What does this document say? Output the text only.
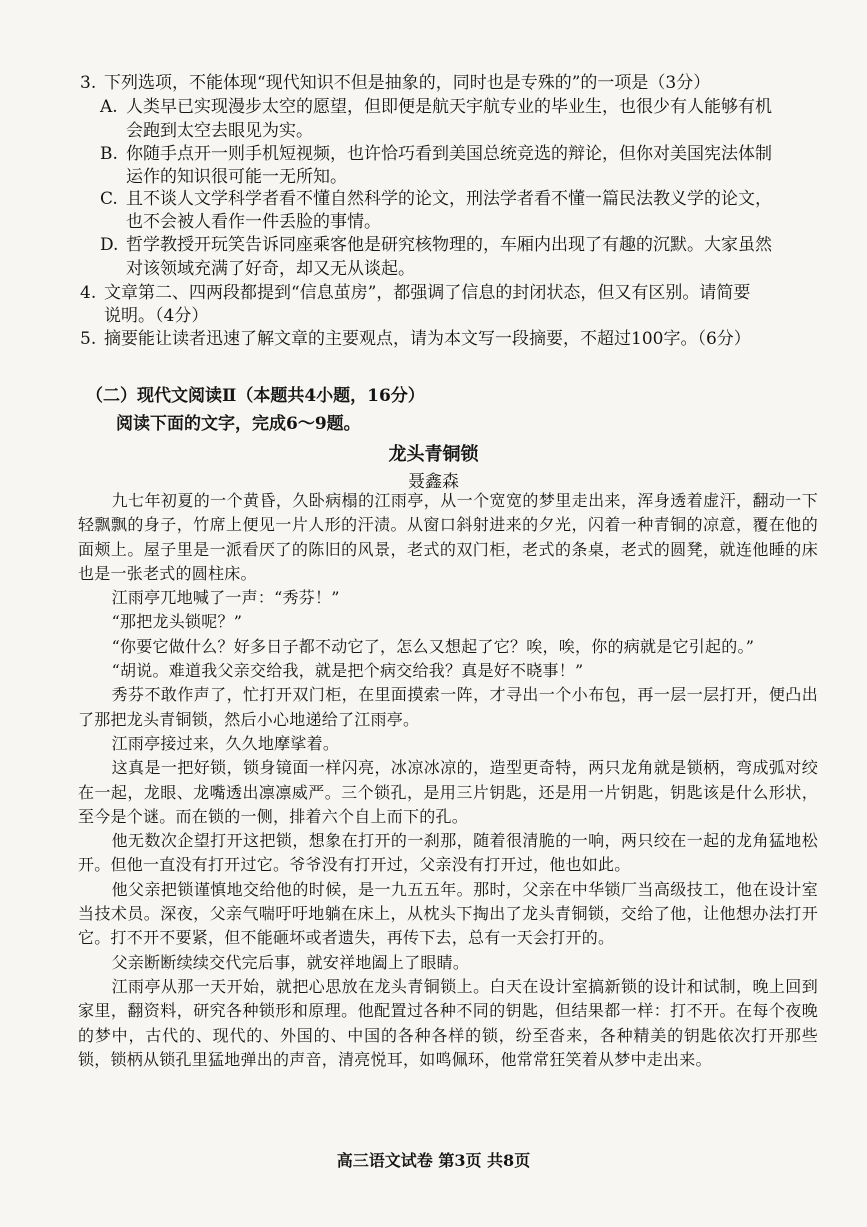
3. 下列选项，不能体现“现代知识不但是抽象的，同时也是专殊的”的一项是（3分）
A. 人类早已实现漫步太空的愿望，但即便是航天宇航专业的毕业生，也很少有人能够有机
会跑到太空去眼见为实。
B. 你随手点开一则手机短视频，也许恰巧看到美国总统竞选的辩论，但你对美国宪法体制
运作的知识很可能一无所知。
C. 且不谈人文学科学者看不懂自然科学的论文，刑法学者看不懂一篇民法教义学的论文，
也不会被人看作一件丢脸的事情。
D. 哲学教授开玩笑告诉同座乘客他是研究核物理的，车厢内出现了有趣的沉默。大家虽然
对该领域充满了好奇，却又无从谈起。
4. 文章第二、四两段都提到“信息茧房”，都强调了信息的封闭状态，但又有区别。请简要
说明。（4分）
5. 摘要能让读者迅速了解文章的主要观点，请为本文写一段摘要，不超过100字。（6分）
（二）现代文阅读Ⅱ（本题共4小题，16分）
阅读下面的文字，完成6～9题。
龙头青铜锁
聂鑫森

九七年初夏的一个黄昏，久卧病榻的江雨亭，从一个宽宽的梦里走出来，浑身透着虚汗，翻动一下轻飘飘的身子，竹席上便见一片人形的汗渍。从窗口斜射进来的夕光，闪着一种青铜的凉意，覆在他的面颊上。屋子里是一派看厌了的陈旧的风景，老式的双门柜，老式的条桌，老式的圆凳，就连他睡的床也是一张老式的圆柱床。

江雨亭兀地喊了一声：“秀芬！”

“那把龙头锁呢？”

“你要它做什么？好多日子都不动它了，怎么又想起了它？唉，唉，你的病就是它引起的。”

“胡说。难道我父亲交给我，就是把个病交给我？真是好不晓事！”

秀芬不敢作声了，忙打开双门柜，在里面摸索一阵，才寻出一个小布包，再一层一层打开，便凸出了那把龙头青铜锁，然后小心地递给了江雨亭。

江雨亭接过来，久久地摩挲着。

这真是一把好锁，锁身镜面一样闪亮，冰凉冰凉的，造型更奇特，两只龙角就是锁柄，弯成弧对绞在一起，龙眼、龙嘴透出凛凛威严。三个锁孔，是用三片钥匙，还是用一片钥匙，钥匙该是什么形状，至今是个谜。而在锁的一侧，排着六个自上而下的孔。

他无数次企望打开这把锁，想象在打开的一刹那，随着很清脆的一响，两只绞在一起的龙角猛地松开。但他一直没有打开过它。爷爷没有打开过，父亲没有打开过，他也如此。

他父亲把锁谨慎地交给他的时候，是一九五五年。那时，父亲在中华锁厂当高级技工，他在设计室当技术员。深夜，父亲气喘吁吁地躺在床上，从枕头下掏出了龙头青铜锁，交给了他，让他想办法打开它。打不开不要紧，但不能砸坏或者遗失，再传下去，总有一天会打开的。

父亲断断续续交代完后事，就安祥地阖上了眼睛。

江雨亭从那一天开始，就把心思放在龙头青铜锁上。白天在设计室搞新锁的设计和试制，晚上回到家里，翻资料，研究各种锁形和原理。他配置过各种不同的钥匙，但结果都一样：打不开。在每个夜晚的梦中，古代的、现代的、外国的、中国的各种各样的锁，纷至沓来，各种精美的钥匙依次打开那些锁，锁柄从锁孔里猛地弹出的声音，清亮悦耳，如鸣佩环，他常常狂笑着从梦中走出来。

高三语文试卷 第3页 共8页
